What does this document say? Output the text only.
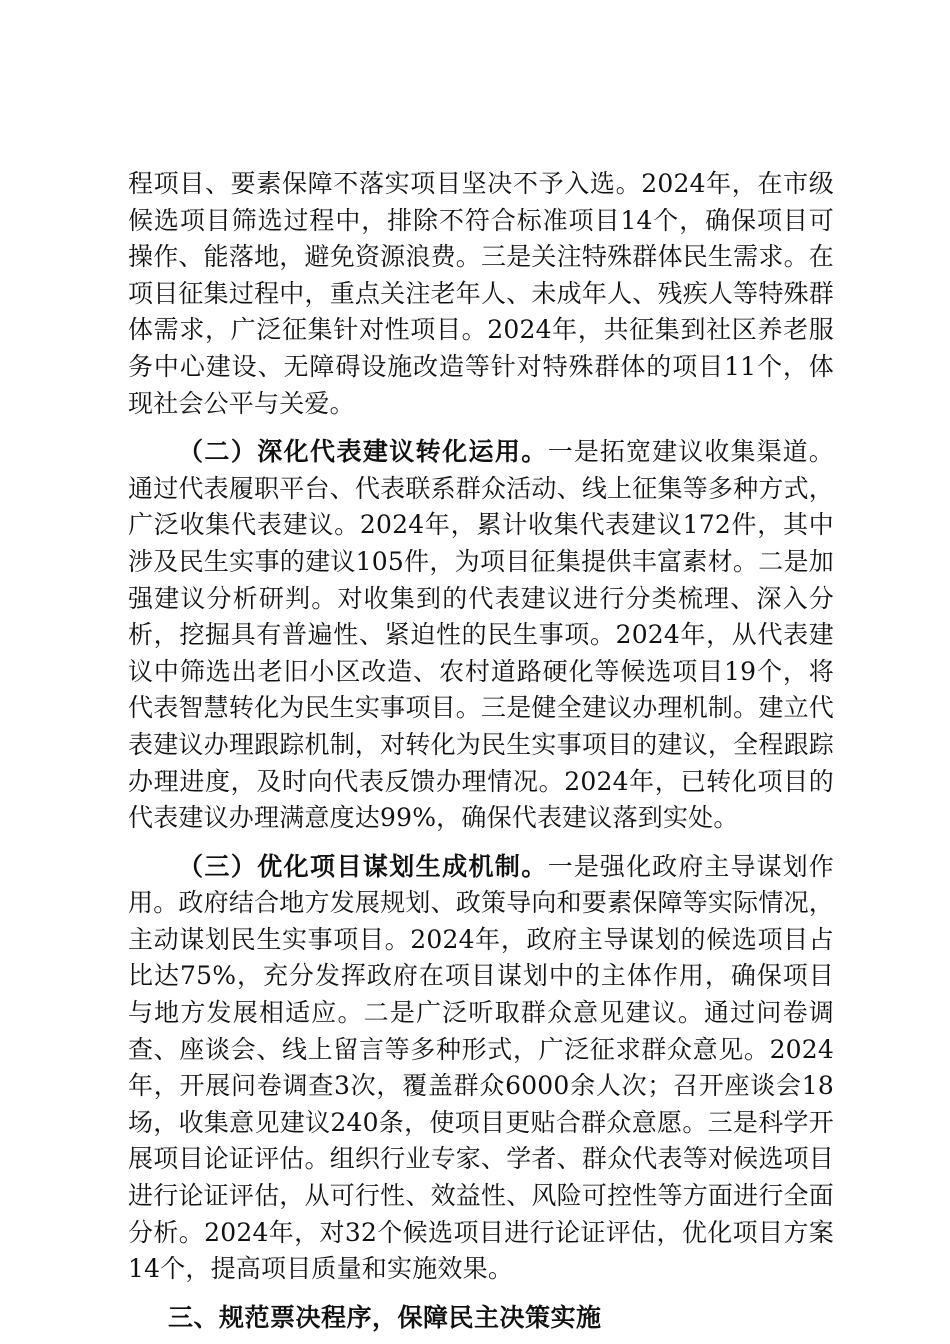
程项目、要素保障不落实项目坚决不予入选。2024年，在市级候选项目筛选过程中，排除不符合标准项目14个，确保项目可操作、能落地，避免资源浪费。三是关注特殊群体民生需求。在项目征集过程中，重点关注老年人、未成年人、残疾人等特殊群体需求，广泛征集针对性项目。2024年，共征集到社区养老服务中心建设、无障碍设施改造等针对特殊群体的项目11个，体现社会公平与关爱。

（二）深化代表建议转化运用。一是拓宽建议收集渠道。通过代表履职平台、代表联系群众活动、线上征集等多种方式，广泛收集代表建议。2024年，累计收集代表建议172件，其中涉及民生实事的建议105件，为项目征集提供丰富素材。二是加强建议分析研判。对收集到的代表建议进行分类梳理、深入分析，挖掘具有普遍性、紧迫性的民生事项。2024年，从代表建议中筛选出老旧小区改造、农村道路硬化等候选项目19个，将代表智慧转化为民生实事项目。三是健全建议办理机制。建立代表建议办理跟踪机制，对转化为民生实事项目的建议，全程跟踪办理进度，及时向代表反馈办理情况。2024年，已转化项目的代表建议办理满意度达99%，确保代表建议落到实处。

（三）优化项目谋划生成机制。一是强化政府主导谋划作用。政府结合地方发展规划、政策导向和要素保障等实际情况，主动谋划民生实事项目。2024年，政府主导谋划的候选项目占比达75%，充分发挥政府在项目谋划中的主体作用，确保项目与地方发展相适应。二是广泛听取群众意见建议。通过问卷调查、座谈会、线上留言等多种形式，广泛征求群众意见。2024年，开展问卷调查3次，覆盖群众6000余人次；召开座谈会18场，收集意见建议240条，使项目更贴合群众意愿。三是科学开展项目论证评估。组织行业专家、学者、群众代表等对候选项目进行论证评估，从可行性、效益性、风险可控性等方面进行全面分析。2024年，对32个候选项目进行论证评估，优化项目方案14个，提高项目质量和实施效果。

三、规范票决程序，保障民主决策实施
